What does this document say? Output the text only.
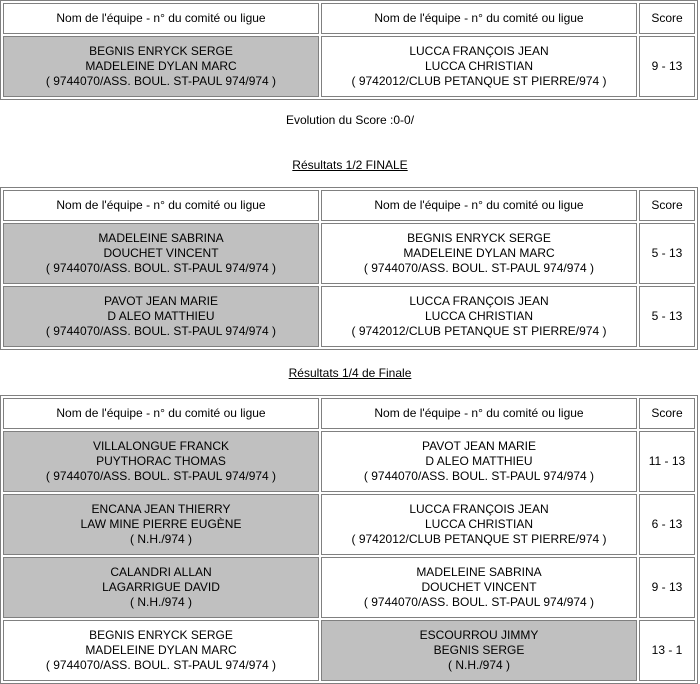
Nom de l'équipe - n° du comité ou ligue	Nom de l'équipe - n° du comité ou ligue	Score

BEGNIS ENRYCK SERGE
MADELEINE DYLAN MARC
( 9744070/ASS. BOUL. ST-PAUL 974/974 )	LUCCA FRANÇOIS JEAN
LUCCA CHRISTIAN
( 9742012/CLUB PETANQUE ST PIERRE/974 )	9 - 13
Evolution du Score :0-0/
Résultats 1/2 FINALE
Nom de l'équipe - n° du comité ou ligue	Nom de l'équipe - n° du comité ou ligue	Score

MADELEINE SABRINA
DOUCHET VINCENT
( 9744070/ASS. BOUL. ST-PAUL 974/974 )	BEGNIS ENRYCK SERGE
MADELEINE DYLAN MARC
( 9744070/ASS. BOUL. ST-PAUL 974/974 )	5 - 13

PAVOT JEAN MARIE
D ALEO MATTHIEU
( 9744070/ASS. BOUL. ST-PAUL 974/974 )	LUCCA FRANÇOIS JEAN
LUCCA CHRISTIAN
( 9742012/CLUB PETANQUE ST PIERRE/974 )	5 - 13
Résultats 1/4 de Finale
Nom de l'équipe - n° du comité ou ligue	Nom de l'équipe - n° du comité ou ligue	Score

VILLALONGUE FRANCK
PUYTHORAC THOMAS
( 9744070/ASS. BOUL. ST-PAUL 974/974 )	PAVOT JEAN MARIE
D ALEO MATTHIEU
( 9744070/ASS. BOUL. ST-PAUL 974/974 )	11 - 13

ENCANA JEAN THIERRY
LAW MINE PIERRE EUGÈNE
( N.H./974 )	LUCCA FRANÇOIS JEAN
LUCCA CHRISTIAN
( 9742012/CLUB PETANQUE ST PIERRE/974 )	6 - 13

CALANDRI ALLAN
LAGARRIGUE DAVID
( N.H./974 )	MADELEINE SABRINA
DOUCHET VINCENT
( 9744070/ASS. BOUL. ST-PAUL 974/974 )	9 - 13

BEGNIS ENRYCK SERGE
MADELEINE DYLAN MARC
( 9744070/ASS. BOUL. ST-PAUL 974/974 )	ESCOURROU JIMMY
BEGNIS SERGE
( N.H./974 )	13 - 1
